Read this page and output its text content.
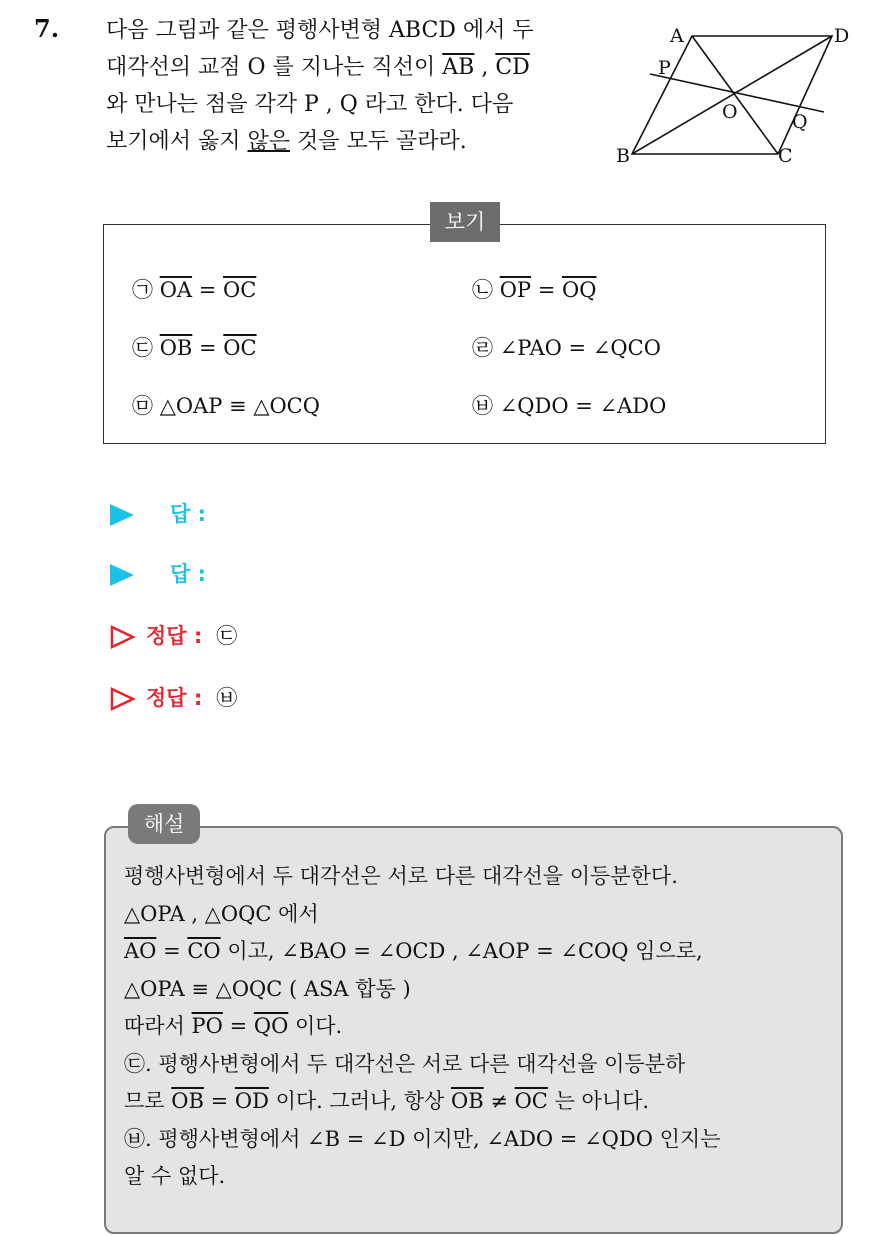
7. 다음 그림과 같은 평행사변형 ABCD 에서 두

대각선의 교점 O 를 지나는 직선이 $\overline{AB}$ , $\overline{CD}$

와 만나는 점을 각각 P , Q 라고 한다. 다음

보기에서 옳지 않은 것을 모두 골라라.

A	D
P
O	Q
B	C
보기
㉠ $\overline{OA} = \overline{OC}$	㉡ $\overline{OP} = \overline{OQ}$
㉢ $\overline{OB} = \overline{OC}$	㉣ ∠PAO = ∠QCO
㉤ △OAP ≡ △OCQ	㉥ ∠QDO = ∠ADO
답 :
답 :
정답 : ㉢
정답 : ㉥
해설

평행사변형에서 두 대각선은 서로 다른 대각선을 이등분한다.

△OPA , △OQC 에서

$\overline{AO} = \overline{CO}$ 이고, ∠BAO = ∠OCD , ∠AOP = ∠COQ 임으로,

△OPA ≡ △OQC ( ASA 합동 )

따라서 $\overline{PO} = \overline{QO}$ 이다.

㉢. 평행사변형에서 두 대각선은 서로 다른 대각선을 이등분하

므로 $\overline{OB} = \overline{OD}$ 이다. 그러나, 항상 $\overline{OB} \ne \overline{OC}$ 는 아니다.

㉥. 평행사변형에서 ∠B = ∠D 이지만, ∠ADO = ∠QDO 인지는

알 수 없다.
